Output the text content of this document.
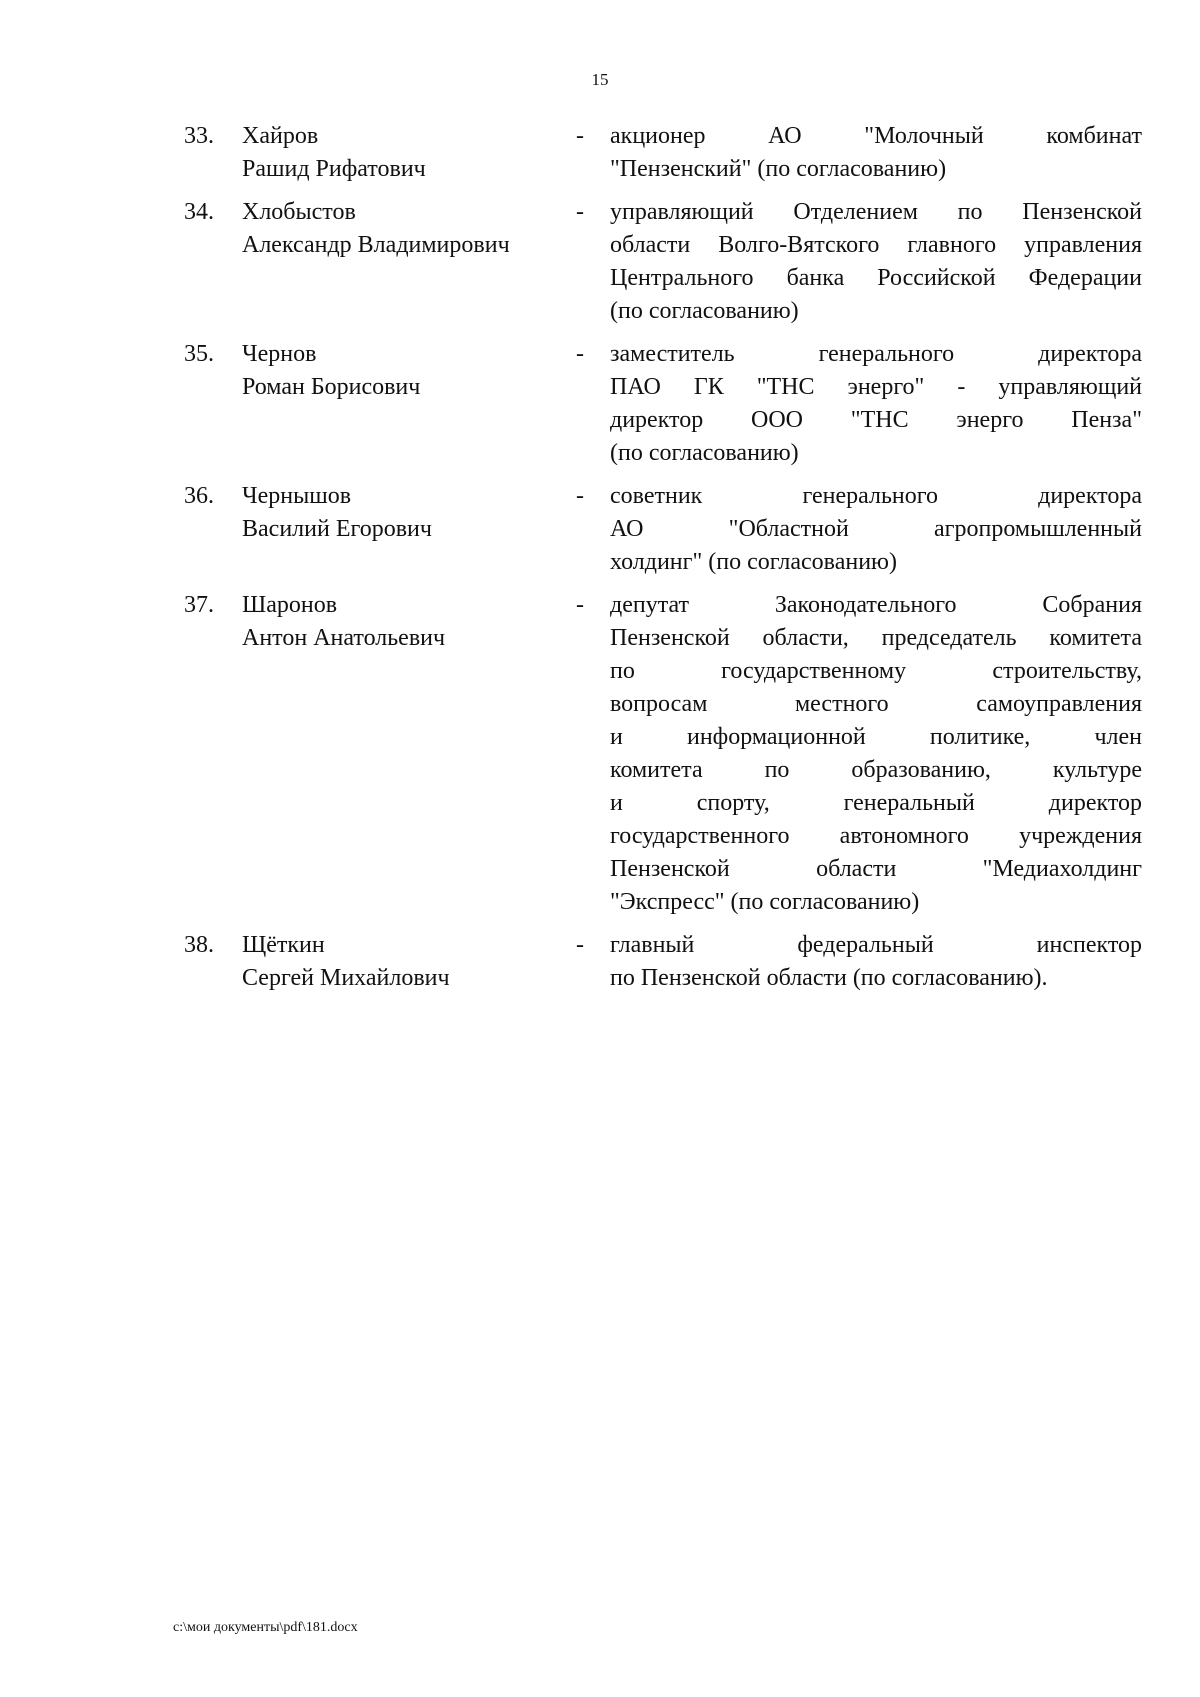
15
33. Хайров
Рашид Рифатович
- акционер АО "Молочный комбинат
"Пензенский" (по согласованию)
34. Хлобыстов
Александр Владимирович
- управляющий Отделением по Пензенской
области Волго-Вятского главного управления
Центрального банка Российской Федерации
(по согласованию)
35. Чернов
Роман Борисович
- заместитель генерального директора
ПАО ГК "ТНС энерго" - управляющий
директор ООО "ТНС энерго Пенза"
(по согласованию)
36. Чернышов
Василий Егорович
- советник генерального директора
АО "Областной агропромышленный
холдинг" (по согласованию)
37. Шаронов
Антон Анатольевич
- депутат Законодательного Собрания
Пензенской области, председатель комитета
по государственному строительству,
вопросам местного самоуправления
и информационной политике, член
комитета по образованию, культуре
и спорту, генеральный директор
государственного автономного учреждения
Пензенской области "Медиахолдинг
"Экспресс" (по согласованию)
38. Щёткин
Сергей Михайлович
- главный федеральный инспектор
по Пензенской области (по согласованию).
c:\мои документы\pdf\181.docx
